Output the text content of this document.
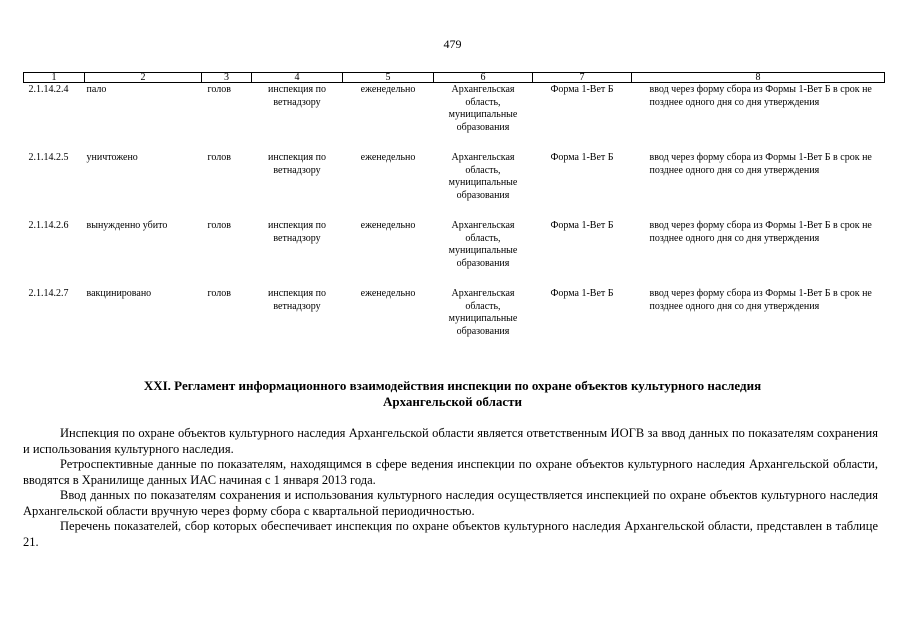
479
1	2	3	4	5	6	7	8
2.1.14.2.4	пало	голов	инспекция по ветнадзору	еженедельно	Архангельская область, муниципальные образования	Форма 1-Вет Б	ввод через форму сбора из Формы 1-Вет Б в срок не позднее одного дня со дня утверждения
2.1.14.2.5	уничтожено	голов	инспекция по ветнадзору	еженедельно	Архангельская область, муниципальные образования	Форма 1-Вет Б	ввод через форму сбора из Формы 1-Вет Б в срок не позднее одного дня со дня утверждения
2.1.14.2.6	вынужденно убито	голов	инспекция по ветнадзору	еженедельно	Архангельская область, муниципальные образования	Форма 1-Вет Б	ввод через форму сбора из Формы 1-Вет Б в срок не позднее одного дня со дня утверждения
2.1.14.2.7	вакцинировано	голов	инспекция по ветнадзору	еженедельно	Архангельская область, муниципальные образования	Форма 1-Вет Б	ввод через форму сбора из Формы 1-Вет Б в срок не позднее одного дня со дня утверждения
XXI. Регламент информационного взаимодействия инспекции по охране объектов культурного наследия
Архангельской области

Инспекция по охране объектов культурного наследия Архангельской области является ответственным ИОГВ за ввод данных по показателям сохранения и использования культурного наследия.

Ретроспективные данные по показателям, находящимся в сфере ведения инспекции по охране объектов культурного наследия Архангельской области, вводятся в Хранилище данных ИАС начиная с 1 января 2013 года.

Ввод данных по показателям сохранения и использования культурного наследия осуществляется инспекцией по охране объектов культурного наследия Архангельской области вручную через форму сбора с квартальной периодичностью.

Перечень показателей, сбор которых обеспечивает инспекция по охране объектов культурного наследия Архангельской области, представлен в таблице 21.
